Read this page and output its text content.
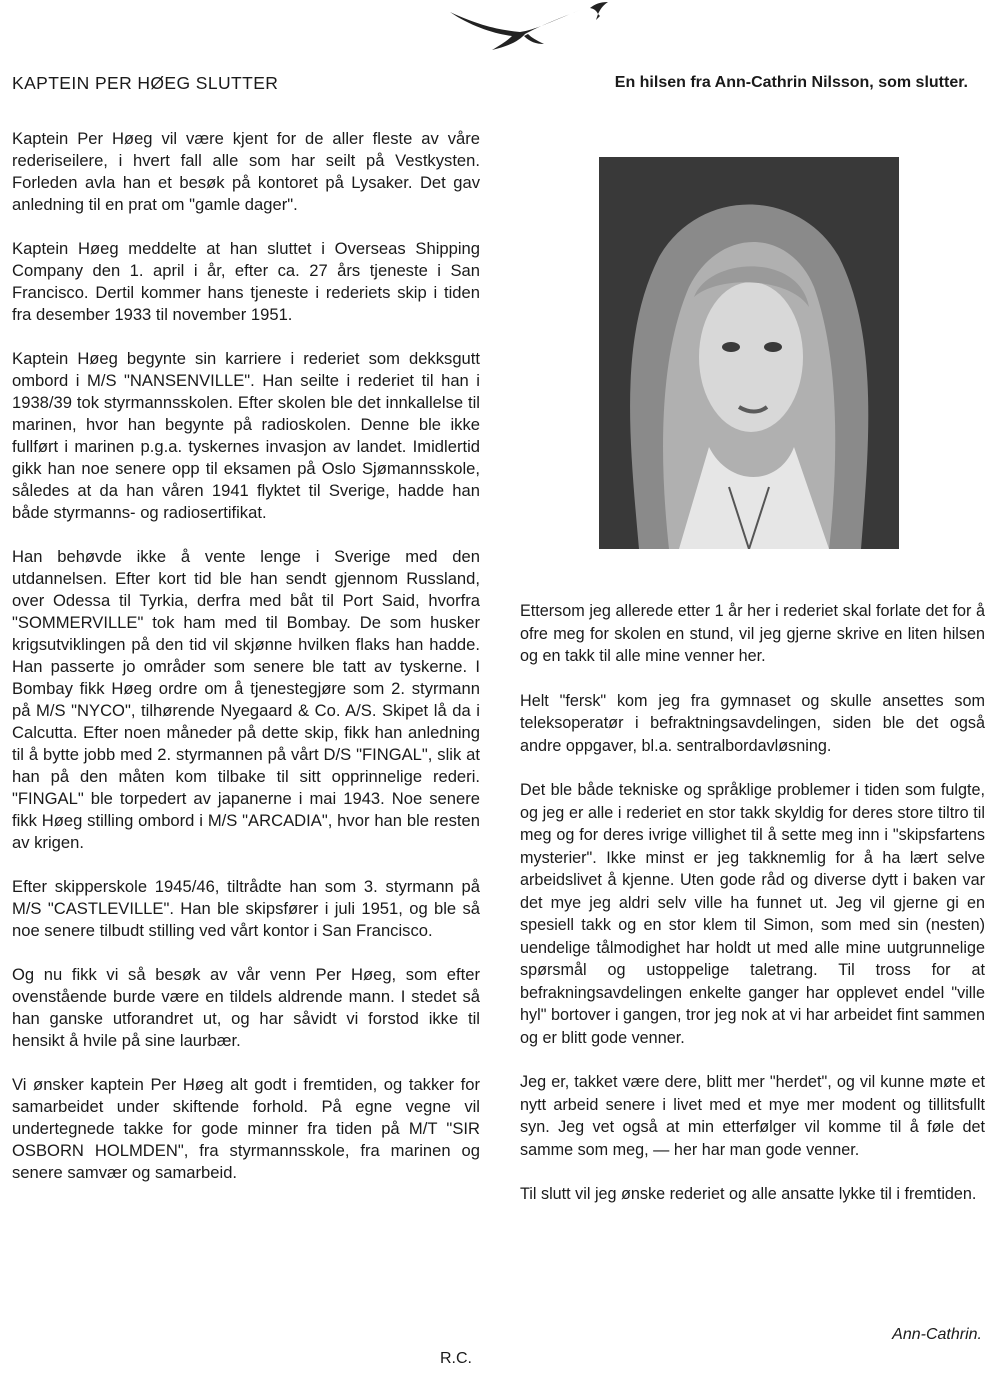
KAPTEIN PER HØEG SLUTTER

Kaptein Per Høeg vil være kjent for de aller fleste av våre rederiseilere, i hvert fall alle som har seilt på Vestkysten. Forleden avla han et besøk på kontoret på Lysaker. Det gav anledning til en prat om "gamle dager".

Kaptein Høeg meddelte at han sluttet i Overseas Shipping Company den 1. april i år, efter ca. 27 års tjeneste i San Francisco. Dertil kommer hans tjeneste i rederiets skip i tiden fra desember 1933 til november 1951.

Kaptein Høeg begynte sin karriere i rederiet som dekksgutt ombord i M/S "NANSENVILLE". Han seilte i rederiet til han i 1938/39 tok styrmannsskolen. Efter skolen ble det innkallelse til marinen, hvor han begynte på radioskolen. Denne ble ikke fullført i marinen p.g.a. tyskernes invasjon av landet. Imidlertid gikk han noe senere opp til eksamen på Oslo Sjømannsskole, således at da han våren 1941 flyktet til Sverige, hadde han både styrmanns- og radiosertifikat.

Han behøvde ikke å vente lenge i Sverige med den utdannelsen. Efter kort tid ble han sendt gjennom Russland, over Odessa til Tyrkia, derfra med båt til Port Said, hvorfra "SOMMERVILLE" tok ham med til Bombay. De som husker krigsutviklingen på den tid vil skjønne hvilken flaks han hadde. Han passerte jo områder som senere ble tatt av tyskerne. I Bombay fikk Høeg ordre om å tjenestegjøre som 2. styrmann på M/S "NYCO", tilhørende Nyegaard & Co. A/S. Skipet lå da i Calcutta. Efter noen måneder på dette skip, fikk han anledning til å bytte jobb med 2. styrmannen på vårt D/S "FINGAL", slik at han på den måten kom tilbake til sitt opprinnelige rederi. "FINGAL" ble torpedert av japanerne i mai 1943. Noe senere fikk Høeg stilling ombord i M/S "ARCADIA", hvor han ble resten av krigen.

Efter skipperskole 1945/46, tiltrådte han som 3. styrmann på M/S "CASTLEVILLE". Han ble skipsfører i juli 1951, og ble så noe senere tilbudt stilling ved vårt kontor i San Francisco.

Og nu fikk vi så besøk av vår venn Per Høeg, som efter ovenstående burde være en tildels aldrende mann. I stedet så han ganske utforandret ut, og har såvidt vi forstod ikke til hensikt å hvile på sine laurbær.

Vi ønsker kaptein Per Høeg alt godt i fremtiden, og takker for samarbeidet under skiftende forhold. På egne vegne vil undertegnede takke for gode minner fra tiden på M/T "SIR OSBORN HOLMDEN", fra styrmannsskole, fra marinen og senere samvær og samarbeid.

R.C.
En hilsen fra Ann-Cathrin Nilsson, som slutter.

Ettersom jeg allerede etter 1 år her i rederiet skal forlate det for å ofre meg for skolen en stund, vil jeg gjerne skrive en liten hilsen og en takk til alle mine venner her.

Helt "fersk" kom jeg fra gymnaset og skulle ansettes som teleksoperatør i befraktningsavdelingen, siden ble det også andre oppgaver, bl.a. sentralbordavløsning.

Det ble både tekniske og språklige problemer i tiden som fulgte, og jeg er alle i rederiet en stor takk skyldig for deres store tiltro til meg og for deres ivrige villighet til å sette meg inn i "skipsfartens mysterier". Ikke minst er jeg takknemlig for å ha lært selve arbeidslivet å kjenne. Uten gode råd og diverse dytt i baken var det mye jeg aldri selv ville ha funnet ut. Jeg vil gjerne gi en spesiell takk og en stor klem til Simon, som med sin (nesten) uendelige tålmodighet har holdt ut med alle mine uutgrunnelige spørsmål og ustoppelige taletrang. Til tross for at befrakningsavdelingen enkelte ganger har opplevet endel "ville hyl" bortover i gangen, tror jeg nok at vi har arbeidet fint sammen og er blitt gode venner.

Jeg er, takket være dere, blitt mer "herdet", og vil kunne møte et nytt arbeid senere i livet med et mye mer modent og tillitsfullt syn. Jeg vet også at min etterfølger vil komme til å føle det samme som meg, — her har man gode venner.

Til slutt vil jeg ønske rederiet og alle ansatte lykke til i fremtiden.

Ann-Cathrin.
